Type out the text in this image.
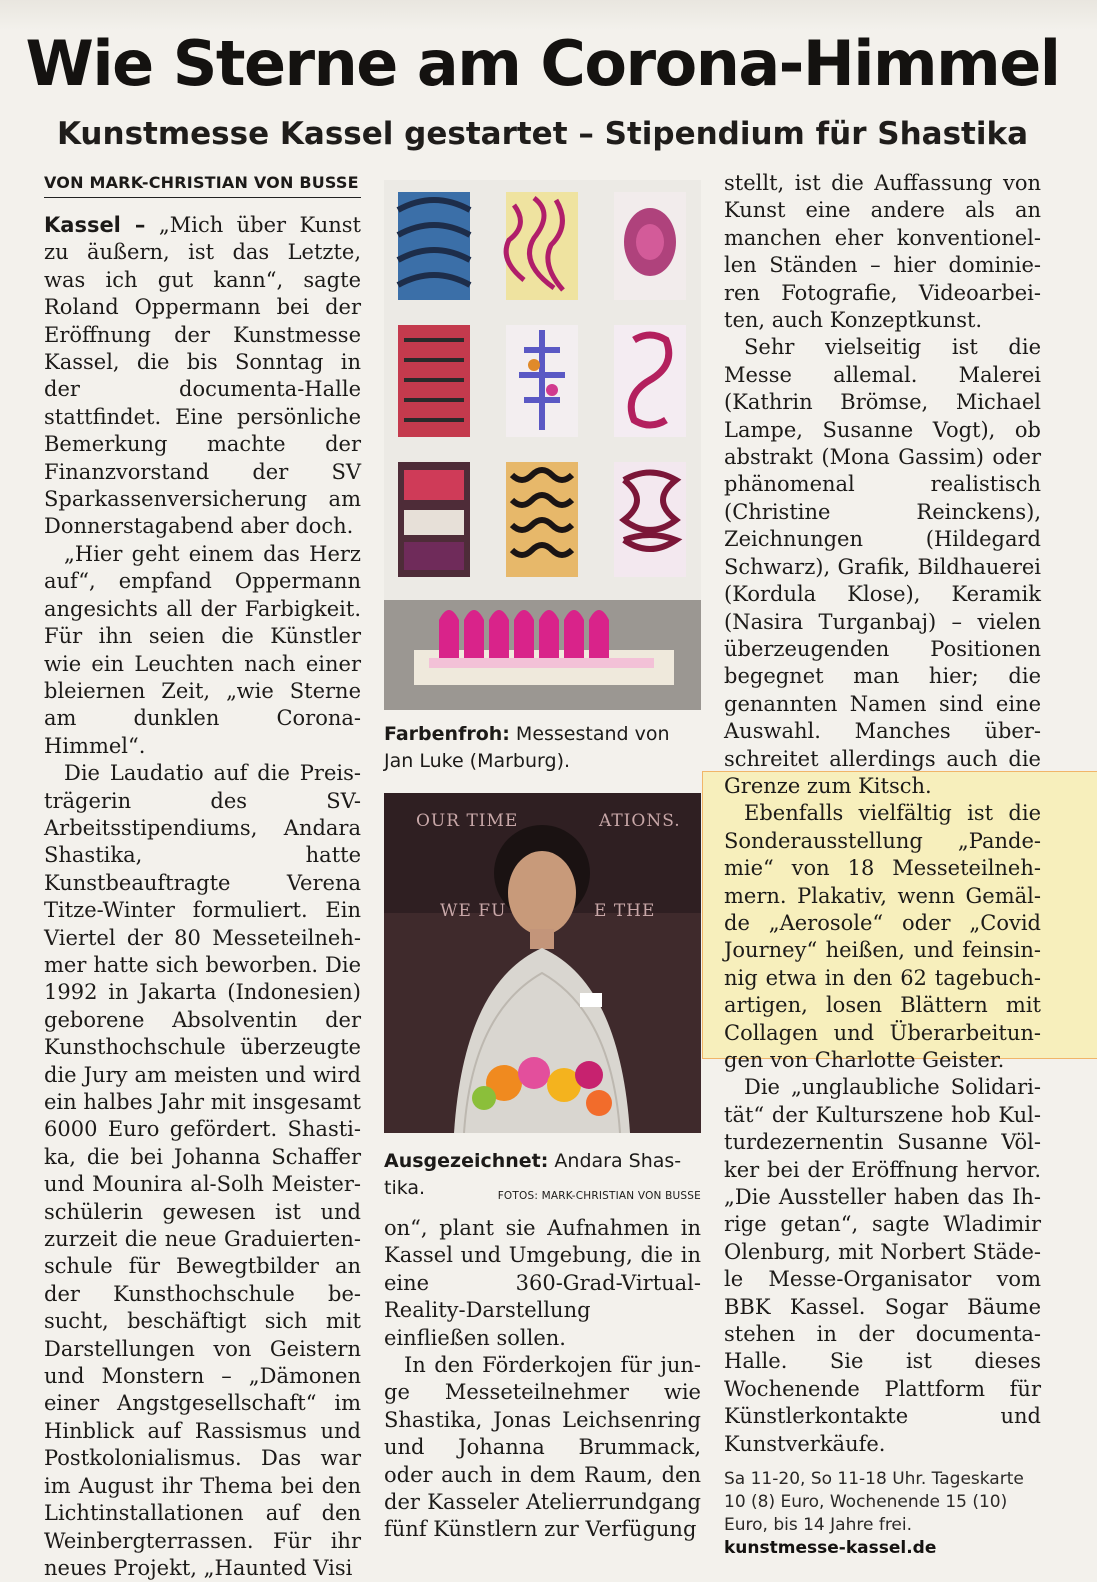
Wie Sterne am Corona-Himmel
Kunstmesse Kassel gestartet – Stipendium für Shastika
VON MARK-CHRISTIAN VON BUSSE

Kassel – „Mich über Kunst zu äußern, ist das Letzte, was ich gut kann“, sagte Roland Oppermann bei der Eröffnung der Kunstmesse Kassel, die bis Sonntag in der documenta-Halle stattfindet. Eine persönliche Bemerkung machte der Finanzvorstand der SV Sparkassenversicherung am Donnerstagabend aber doch.

„Hier geht einem das Herz auf“, empfand Oppermann angesichts all der Farbigkeit. Für ihn seien die Künstler wie ein Leuchten nach einer bleiernen Zeit, „wie Sterne am dunklen Corona-Himmel“.

Die Laudatio auf die Preisträgerin des SV-Arbeitsstipendiums, Andara Shastika, hatte Kunstbeauftragte Verena Titze-Winter formuliert. Ein Viertel der 80 Messeteilnehmer hatte sich beworben. Die 1992 in Jakarta (Indonesien) geborene Absolventin der Kunsthochschule überzeugte die Jury am meisten und wird ein halbes Jahr mit insgesamt 6000 Euro gefördert. Shastika, die bei Johanna Schaffer und Mounira al-Solh Meisterschülerin gewesen ist und zurzeit die neue Graduiertenschule für Bewegtbilder an der Kunsthochschule besucht, beschäftigt sich mit Darstellungen von Geistern und Monstern – „Dämonen einer Angstgesellschaft“ im Hinblick auf Rassismus und Postkolonialismus. Das war im August ihr Thema bei den Lichtinstallationen auf den Weinbergterrassen. Für ihr neues Projekt, „Haunted Visi

Farbenfroh: Messestand von Jan Luke (Marburg).
OUR TIME	ATIONS.
WE FU	E THE
Ausgezeichnet: Andara Shastika.	FOTOS: MARK-CHRISTIAN VON BUSSE

on“, plant sie Aufnahmen in Kassel und Umgebung, die in eine 360-Grad-Virtual-Reality-Darstellung einfließen sollen.

In den Förderkojen für junge Messeteilnehmer wie Shastika, Jonas Leichsenring und Johanna Brummack, oder auch in dem Raum, den der Kasseler Atelierrundgang fünf Künstlern zur Verfügung

stellt, ist die Auffassung von Kunst eine andere als an manchen eher konventionellen Ständen – hier dominieren Fotografie, Videoarbeiten, auch Konzeptkunst.

Sehr vielseitig ist die Messe allemal. Malerei (Kathrin Brömse, Michael Lampe, Susanne Vogt), ob abstrakt (Mona Gassim) oder phänomenal realistisch (Christine Reinckens), Zeichnungen (Hildegard Schwarz), Grafik, Bildhauerei (Kordula Klose), Keramik (Nasira Turganbaj) – vielen überzeugenden Positionen begegnet man hier; die genannten Namen sind eine Auswahl. Manches überschreitet allerdings auch die Grenze zum Kitsch.

Ebenfalls vielfältig ist die Sonderausstellung „Pandemie“ von 18 Messeteilnehmern. Plakativ, wenn Gemälde „Aerosole“ oder „Covid Journey“ heißen, und feinsinnig etwa in den 62 tagebuchartigen, losen Blättern mit Collagen und Überarbeitungen von Charlotte Geister.

Die „unglaubliche Solidarität“ der Kulturszene hob Kulturdezernentin Susanne Völker bei der Eröffnung hervor. „Die Aussteller haben das Ihrige getan“, sagte Wladimir Olenburg, mit Norbert Städele Messe-Organisator vom BBK Kassel. Sogar Bäume stehen in der documenta-Halle. Sie ist dieses Wochenende Plattform für Künstlerkontakte und Kunstverkäufe.

Sa 11-20, So 11-18 Uhr. Tageskarte 10 (8) Euro, Wochenende 15 (10) Euro, bis 14 Jahre frei.
kunstmesse-kassel.de
